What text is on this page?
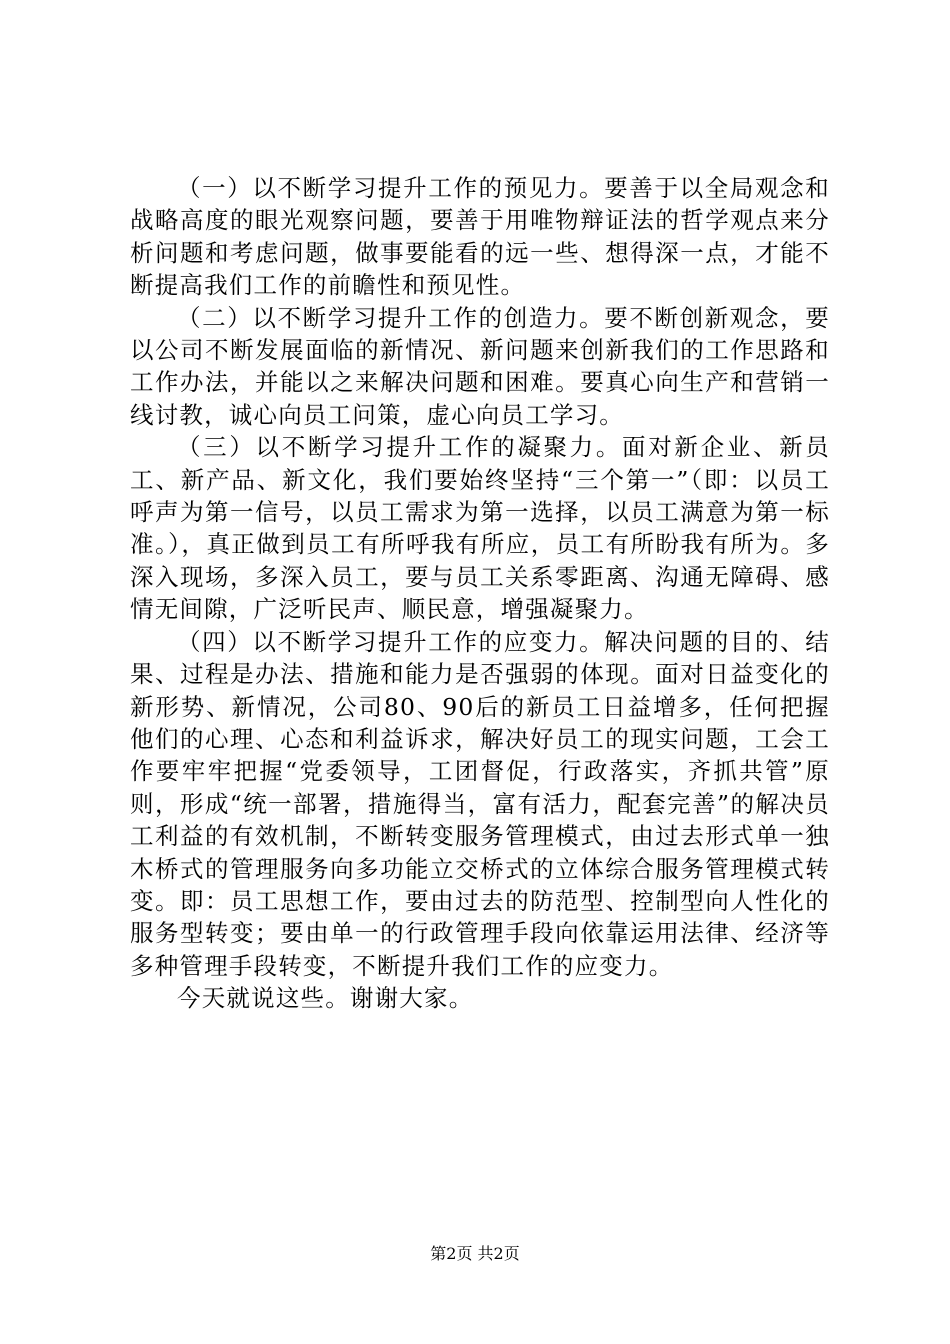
（一）以不断学习提升工作的预见力。要善于以全局观念和战略高度的眼光观察问题，要善于用唯物辩证法的哲学观点来分析问题和考虑问题，做事要能看的远一些、想得深一点，才能不断提高我们工作的前瞻性和预见性。

（二）以不断学习提升工作的创造力。要不断创新观念，要以公司不断发展面临的新情况、新问题来创新我们的工作思路和工作办法，并能以之来解决问题和困难。要真心向生产和营销一线讨教，诚心向员工问策，虚心向员工学习。

（三）以不断学习提升工作的凝聚力。面对新企业、新员工、新产品、新文化，我们要始终坚持“三个第一”（即：以员工呼声为第一信号，以员工需求为第一选择，以员工满意为第一标准。），真正做到员工有所呼我有所应，员工有所盼我有所为。多深入现场，多深入员工，要与员工关系零距离、沟通无障碍、感情无间隙，广泛听民声、顺民意，增强凝聚力。

（四）以不断学习提升工作的应变力。解决问题的目的、结果、过程是办法、措施和能力是否强弱的体现。面对日益变化的新形势、新情况，公司80、90后的新员工日益增多，任何把握他们的心理、心态和利益诉求，解决好员工的现实问题，工会工作要牢牢把握“党委领导，工团督促，行政落实，齐抓共管”原则，形成“统一部署，措施得当，富有活力，配套完善”的解决员工利益的有效机制，不断转变服务管理模式，由过去形式单一独木桥式的管理服务向多功能立交桥式的立体综合服务管理模式转变。即：员工思想工作，要由过去的防范型、控制型向人性化的服务型转变；要由单一的行政管理手段向依靠运用法律、经济等多种管理手段转变，不断提升我们工作的应变力。

今天就说这些。谢谢大家。

第2页 共2页
